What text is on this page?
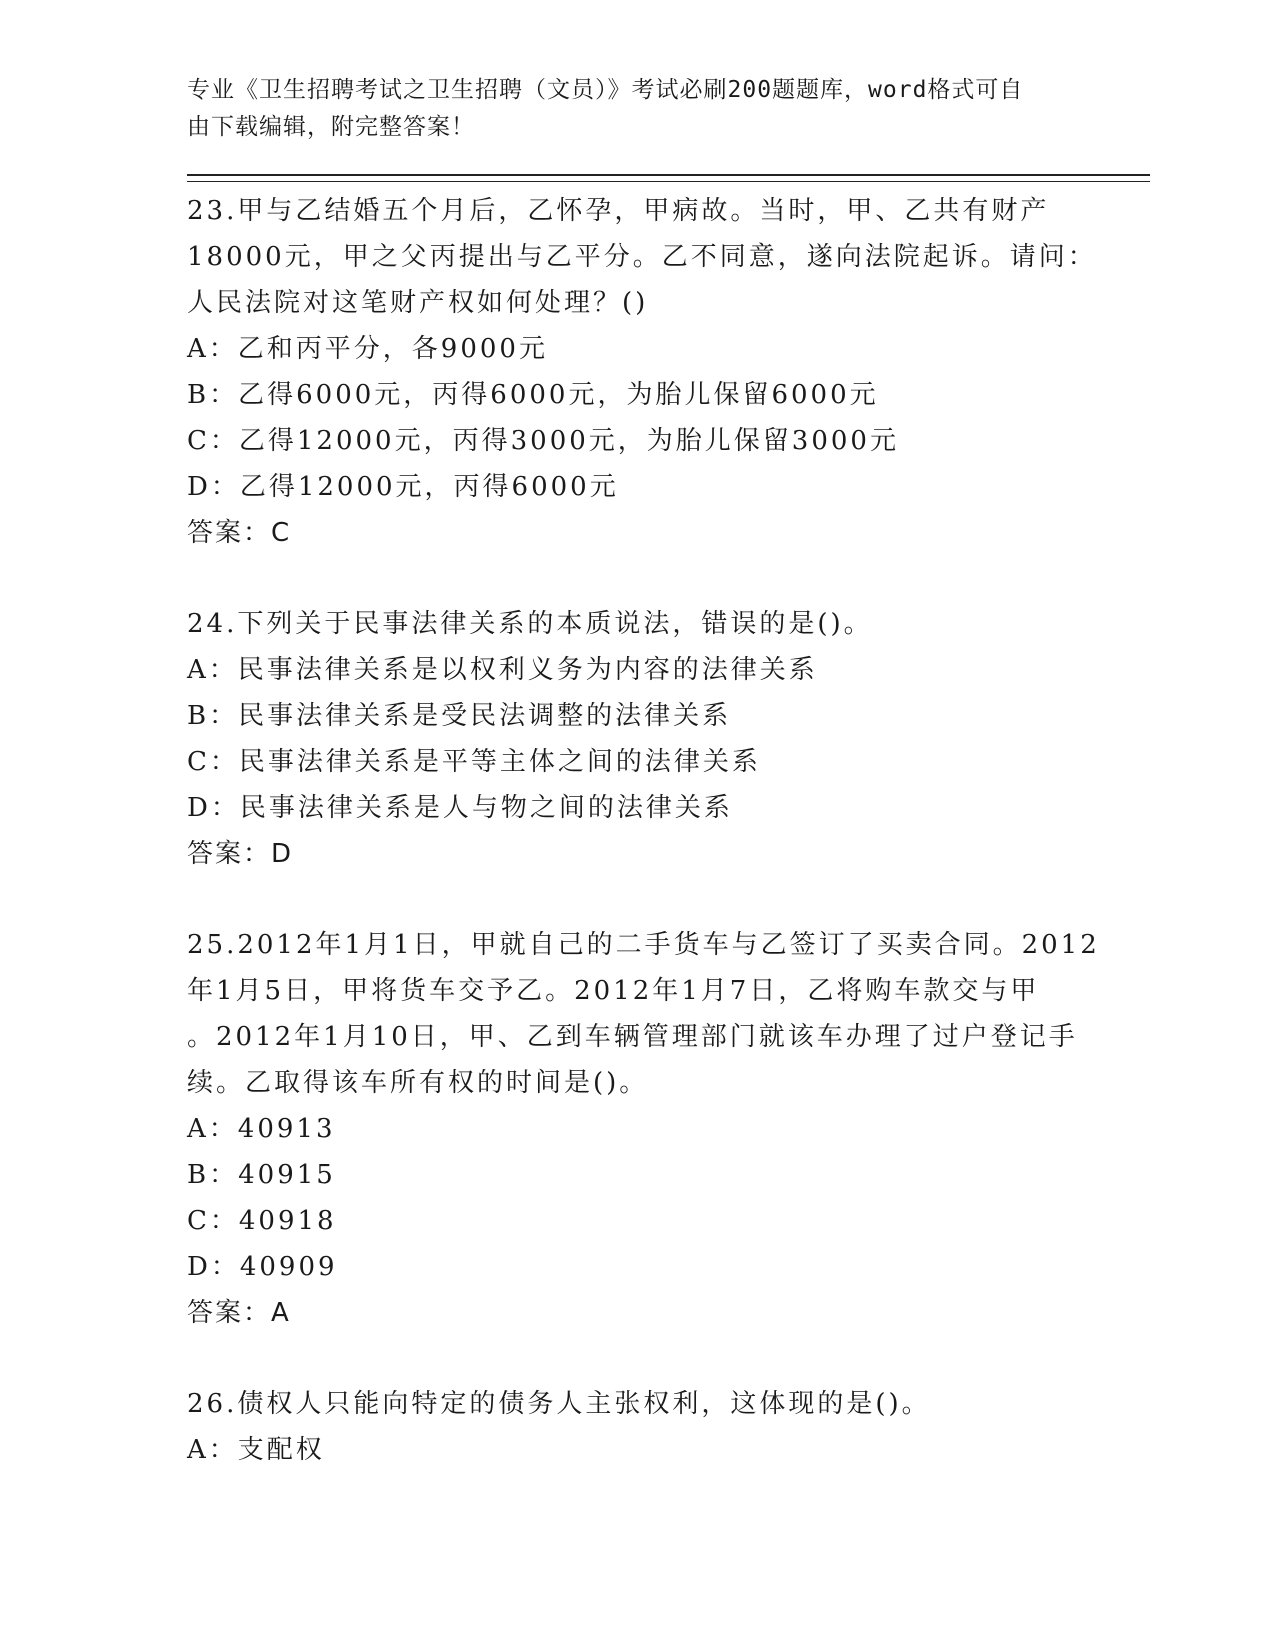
专业《卫生招聘考试之卫生招聘（文员）》考试必刷200题题库，word格式可自
由下载编辑，附完整答案！
23.甲与乙结婚五个月后，乙怀孕，甲病故。当时，甲、乙共有财产
18000元，甲之父丙提出与乙平分。乙不同意，遂向法院起诉。请问：
人民法院对这笔财产权如何处理？()
A：乙和丙平分，各9000元
B：乙得6000元，丙得6000元，为胎儿保留6000元
C：乙得12000元，丙得3000元，为胎儿保留3000元
D：乙得12000元，丙得6000元
答案：C
24.下列关于民事法律关系的本质说法，错误的是()。
A：民事法律关系是以权利义务为内容的法律关系
B：民事法律关系是受民法调整的法律关系
C：民事法律关系是平等主体之间的法律关系
D：民事法律关系是人与物之间的法律关系
答案：D
25.2012年1月1日，甲就自己的二手货车与乙签订了买卖合同。2012
年1月5日，甲将货车交予乙。2012年1月7日，乙将购车款交与甲
。2012年1月10日，甲、乙到车辆管理部门就该车办理了过户登记手
续。乙取得该车所有权的时间是()。
A：40913
B：40915
C：40918
D：40909
答案：A
26.债权人只能向特定的债务人主张权利，这体现的是()。
A：支配权
